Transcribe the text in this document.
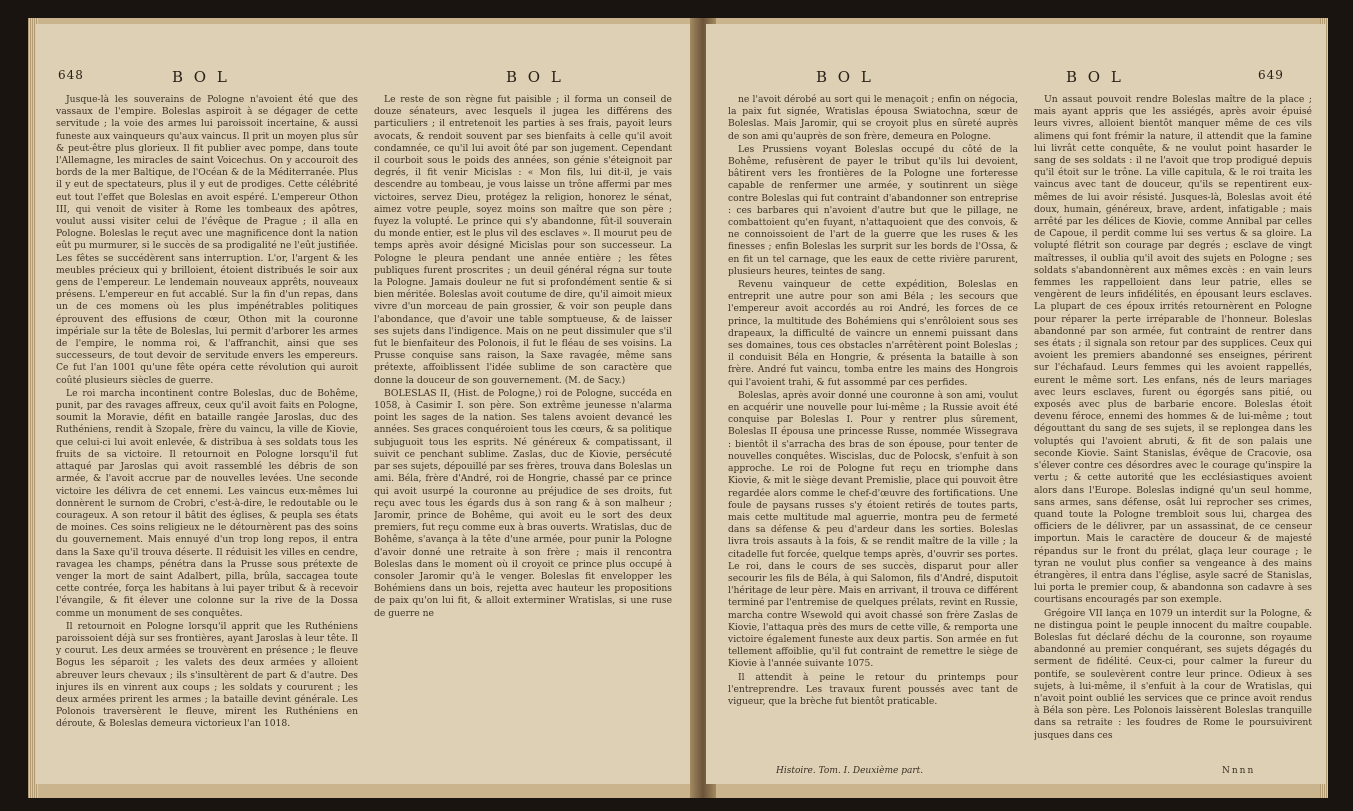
648	B O L

Jusque-là les souverains de Pologne n'avoient été que des vassaux de l'empire. Boleslas aspiroit à se dégager de cette servitude ; la voie des armes lui paroissoit incertaine, & aussi funeste aux vainqueurs qu'aux vaincus. Il prit un moyen plus sûr & peut-être plus glorieux. Il fit publier avec pompe, dans toute l'Allemagne, les miracles de saint Voicechus. On y accouroit des bords de la mer Baltique, de l'Océan & de la Méditerranée. Plus il y eut de spectateurs, plus il y eut de prodiges. Cette célébrité eut tout l'effet que Boleslas en avoit espéré. L'empereur Othon III, qui venoit de visiter à Rome les tombeaux des apôtres, voulut aussi visiter celui de l'évêque de Prague ; il alla en Pologne. Boleslas le reçut avec une magnificence dont la nation eût pu murmurer, si le succès de sa prodigalité ne l'eût justifiée. Les fêtes se succédèrent sans interruption. L'or, l'argent & les meubles précieux qui y brilloient, étoient distribués le soir aux gens de l'empereur. Le lendemain nouveaux apprêts, nouveaux présens. L'empereur en fut accablé. Sur la fin d'un repas, dans un de ces momens où les plus impénétrables politiques éprouvent des effusions de cœur, Othon mit la couronne impériale sur la tête de Boleslas, lui permit d'arborer les armes de l'empire, le nomma roi, & l'affranchit, ainsi que ses successeurs, de tout devoir de servitude envers les empereurs. Ce fut l'an 1001 qu'une fête opéra cette révolution qui auroit coûté plusieurs siècles de guerre.

Le roi marcha incontinent contre Boleslas, duc de Bohême, punit, par des ravages affreux, ceux qu'il avoit faits en Pologne, soumit la Moravie, défit en bataille rangée Jaroslas, duc des Ruthéniens, rendit à Szopale, frère du vaincu, la ville de Kiovie, que celui-ci lui avoit enlevée, & distribua à ses soldats tous les fruits de sa victoire. Il retournoit en Pologne lorsqu'il fut attaqué par Jaroslas qui avoit rassemblé les débris de son armée, & l'avoit accrue par de nouvelles levées. Une seconde victoire les délivra de cet ennemi. Les vaincus eux-mêmes lui donnèrent le surnom de Crobri, c'est-à-dire, le redoutable ou le courageux. A son retour il bâtit des églises, & peupla ses états de moines. Ces soins religieux ne le détournèrent pas des soins du gouvernement. Mais ennuyé d'un trop long repos, il entra dans la Saxe qu'il trouva déserte. Il réduisit les villes en cendre, ravagea les champs, pénétra dans la Prusse sous prétexte de venger la mort de saint Adalbert, pilla, brûla, saccagea toute cette contrée, força les habitans à lui payer tribut & à recevoir l'évangile, & fit élever une colonne sur la rive de la Dossa comme un monument de ses conquêtes.

Il retournoit en Pologne lorsqu'il apprit que les Ruthéniens paroissoient déjà sur ses frontières, ayant Jaroslas à leur tête. Il y courut. Les deux armées se trouvèrent en présence ; le fleuve Bogus les séparoit ; les valets des deux armées y alloient abreuver leurs chevaux ; ils s'insultèrent de part & d'autre. Des injures ils en vinrent aux coups ; les soldats y coururent ; les deux armées prirent les armes ; la bataille devint générale. Les Polonois traversèrent le fleuve, mirent les Ruthéniens en déroute, & Boleslas demeura victorieux l'an 1018.

B O L

Le reste de son règne fut paisible ; il forma un conseil de douze sénateurs, avec lesquels il jugea les différens des particuliers ; il entretenoit les parties à ses frais, payoit leurs avocats, & rendoit souvent par ses bienfaits à celle qu'il avoit condamnée, ce qu'il lui avoit ôté par son jugement. Cependant il courboit sous le poids des années, son génie s'éteignoit par degrés, il fit venir Micislas : « Mon fils, lui dit-il, je vais descendre au tombeau, je vous laisse un trône affermi par mes victoires, servez Dieu, protégez la religion, honorez le sénat, aimez votre peuple, soyez moins son maître que son père ; fuyez la volupté. Le prince qui s'y abandonne, fût-il souverain du monde entier, est le plus vil des esclaves ». Il mourut peu de temps après avoir désigné Micislas pour son successeur. La Pologne le pleura pendant une année entière ; les fêtes publiques furent proscrites ; un deuil général régna sur toute la Pologne. Jamais douleur ne fut si profondément sentie & si bien méritée. Boleslas avoit coutume de dire, qu'il aimoit mieux vivre d'un morceau de pain grossier, & voir son peuple dans l'abondance, que d'avoir une table somptueuse, & de laisser ses sujets dans l'indigence. Mais on ne peut dissimuler que s'il fut le bienfaiteur des Polonois, il fut le fléau de ses voisins. La Prusse conquise sans raison, la Saxe ravagée, même sans prétexte, affoiblissent l'idée sublime de son caractère que donne la douceur de son gouvernement. (M. de Sacy.)

BOLESLAS II, (Hist. de Pologne,) roi de Pologne, succéda en 1058, à Casimir I. son père. Son extrême jeunesse n'alarma point les sages de la nation. Ses talens avoient devancé les années. Ses graces conquéroient tous les cœurs, & sa politique subjuguoit tous les esprits. Né généreux & compatissant, il suivit ce penchant sublime. Zaslas, duc de Kiovie, persécuté par ses sujets, dépouillé par ses frères, trouva dans Boleslas un ami. Béla, frère d'André, roi de Hongrie, chassé par ce prince qui avoit usurpé la couronne au préjudice de ses droits, fut reçu avec tous les égards dus à son rang & à son malheur ; Jaromir, prince de Bohême, qui avoit eu le sort des deux premiers, fut reçu comme eux à bras ouverts. Wratislas, duc de Bohême, s'avança à la tête d'une armée, pour punir la Pologne d'avoir donné une retraite à son frère ; mais il rencontra Boleslas dans le moment où il croyoit ce prince plus occupé à consoler Jaromir qu'à le venger. Boleslas fit envelopper les Bohémiens dans un bois, rejetta avec hauteur les propositions de paix qu'on lui fit, & alloit exterminer Wratislas, si une ruse de guerre ne

B O L

ne l'avoit dérobé au sort qui le menaçoit ; enfin on négocia, la paix fut signée, Wratislas épousa Swiatochna, sœur de Boleslas. Mais Jaromir, qui se croyoit plus en sûreté auprès de son ami qu'auprès de son frère, demeura en Pologne.

Les Prussiens voyant Boleslas occupé du côté de la Bohême, refusèrent de payer le tribut qu'ils lui devoient, bâtirent vers les frontières de la Pologne une forteresse capable de renfermer une armée, y soutinrent un siège contre Boleslas qui fut contraint d'abandonner son entreprise : ces barbares qui n'avoient d'autre but que le pillage, ne combattoient qu'en fuyant, n'attaquoient que des convois, & ne connoissoient de l'art de la guerre que les ruses & les finesses ; enfin Boleslas les surprit sur les bords de l'Ossa, & en fit un tel carnage, que les eaux de cette rivière parurent, plusieurs heures, teintes de sang.

Revenu vainqueur de cette expédition, Boleslas en entreprit une autre pour son ami Béla ; les secours que l'empereur avoit accordés au roi André, les forces de ce prince, la multitude des Bohémiens qui s'enrôloient sous ses drapeaux, la difficulté de vaincre un ennemi puissant dans ses domaines, tous ces obstacles n'arrêtèrent point Boleslas ; il conduisit Béla en Hongrie, & présenta la bataille à son frère. André fut vaincu, tomba entre les mains des Hongrois qui l'avoient trahi, & fut assommé par ces perfides.

Boleslas, après avoir donné une couronne à son ami, voulut en acquérir une nouvelle pour lui-même ; la Russie avoit été conquise par Boleslas I. Pour y rentrer plus sûrement, Boleslas II épousa une princesse Russe, nommée Wissegrava : bientôt il s'arracha des bras de son épouse, pour tenter de nouvelles conquêtes. Wiscislas, duc de Polocsk, s'enfuit à son approche. Le roi de Pologne fut reçu en triomphe dans Kiovie, & mit le siège devant Premislie, place qui pouvoit être regardée alors comme le chef-d'œuvre des fortifications. Une foule de paysans russes s'y étoient retirés de toutes parts, mais cette multitude mal aguerrie, montra peu de fermeté dans sa défense & peu d'ardeur dans les sorties. Boleslas livra trois assauts à la fois, & se rendit maître de la ville ; la citadelle fut forcée, quelque temps après, d'ouvrir ses portes. Le roi, dans le cours de ses succès, disparut pour aller secourir les fils de Béla, à qui Salomon, fils d'André, disputoit l'héritage de leur père. Mais en arrivant, il trouva ce différent terminé par l'entremise de quelques prélats, revint en Russie, marcha contre Wsewold qui avoit chassé son frère Zaslas de Kiovie, l'attaqua près des murs de cette ville, & remporta une victoire également funeste aux deux partis. Son armée en fut tellement affoiblie, qu'il fut contraint de remettre le siège de Kiovie à l'année suivante 1075.

Il attendit à peine le retour du printemps pour l'entreprendre. Les travaux furent poussés avec tant de vigueur, que la brèche fut bientôt praticable.

Histoire. Tom. I. Deuxième part.
B O L	649

Un assaut pouvoit rendre Boleslas maître de la place ; mais ayant appris que les assiégés, après avoir épuisé leurs vivres, alloient bientôt manquer même de ces vils alimens qui font frémir la nature, il attendit que la famine lui livrât cette conquête, & ne voulut point hasarder le sang de ses soldats : il ne l'avoit que trop prodigué depuis qu'il étoit sur le trône. La ville capitula, & le roi traita les vaincus avec tant de douceur, qu'ils se repentirent eux-mêmes de lui avoir résisté. Jusques-là, Boleslas avoit été doux, humain, généreux, brave, ardent, infatigable ; mais arrêté par les délices de Kiovie, comme Annibal par celles de Capoue, il perdit comme lui ses vertus & sa gloire. La volupté flétrit son courage par degrés ; esclave de vingt maîtresses, il oublia qu'il avoit des sujets en Pologne ; ses soldats s'abandonnèrent aux mêmes excès : en vain leurs femmes les rappelloient dans leur patrie, elles se vengèrent de leurs infidélités, en épousant leurs esclaves. La plupart de ces époux irrités retournèrent en Pologne pour réparer la perte irréparable de l'honneur. Boleslas abandonné par son armée, fut contraint de rentrer dans ses états ; il signala son retour par des supplices. Ceux qui avoient les premiers abandonné ses enseignes, périrent sur l'échafaud. Leurs femmes qui les avoient rappellés, eurent le même sort. Les enfans, nés de leurs mariages avec leurs esclaves, furent ou égorgés sans pitié, ou exposés avec plus de barbarie encore. Boleslas étoit devenu féroce, ennemi des hommes & de lui-même ; tout dégouttant du sang de ses sujets, il se replongea dans les voluptés qui l'avoient abruti, & fit de son palais une seconde Kiovie. Saint Stanislas, évêque de Cracovie, osa s'élever contre ces désordres avec le courage qu'inspire la vertu ; & cette autorité que les ecclésiastiques avoient alors dans l'Europe. Boleslas indigné qu'un seul homme, sans armes, sans défense, osât lui reprocher ses crimes, quand toute la Pologne trembloit sous lui, chargea des officiers de le délivrer, par un assassinat, de ce censeur importun. Mais le caractère de douceur & de majesté répandus sur le front du prélat, glaça leur courage ; le tyran ne voulut plus confier sa vengeance à des mains étrangères, il entra dans l'église, asyle sacré de Stanislas, lui porta le premier coup, & abandonna son cadavre à ses courtisans encouragés par son exemple.

Grégoire VII lança en 1079 un interdit sur la Pologne, & ne distingua point le peuple innocent du maître coupable. Boleslas fut déclaré déchu de la couronne, son royaume abandonné au premier conquérant, ses sujets dégagés du serment de fidélité. Ceux-ci, pour calmer la fureur du pontife, se soulevèrent contre leur prince. Odieux à ses sujets, à lui-même, il s'enfuit à la cour de Wratislas, qui n'avoit point oublié les services que ce prince avoit rendus à Béla son père. Les Polonois laissèrent Boleslas tranquille dans sa retraite : les foudres de Rome le poursuivirent jusques dans ces

Nnnn
